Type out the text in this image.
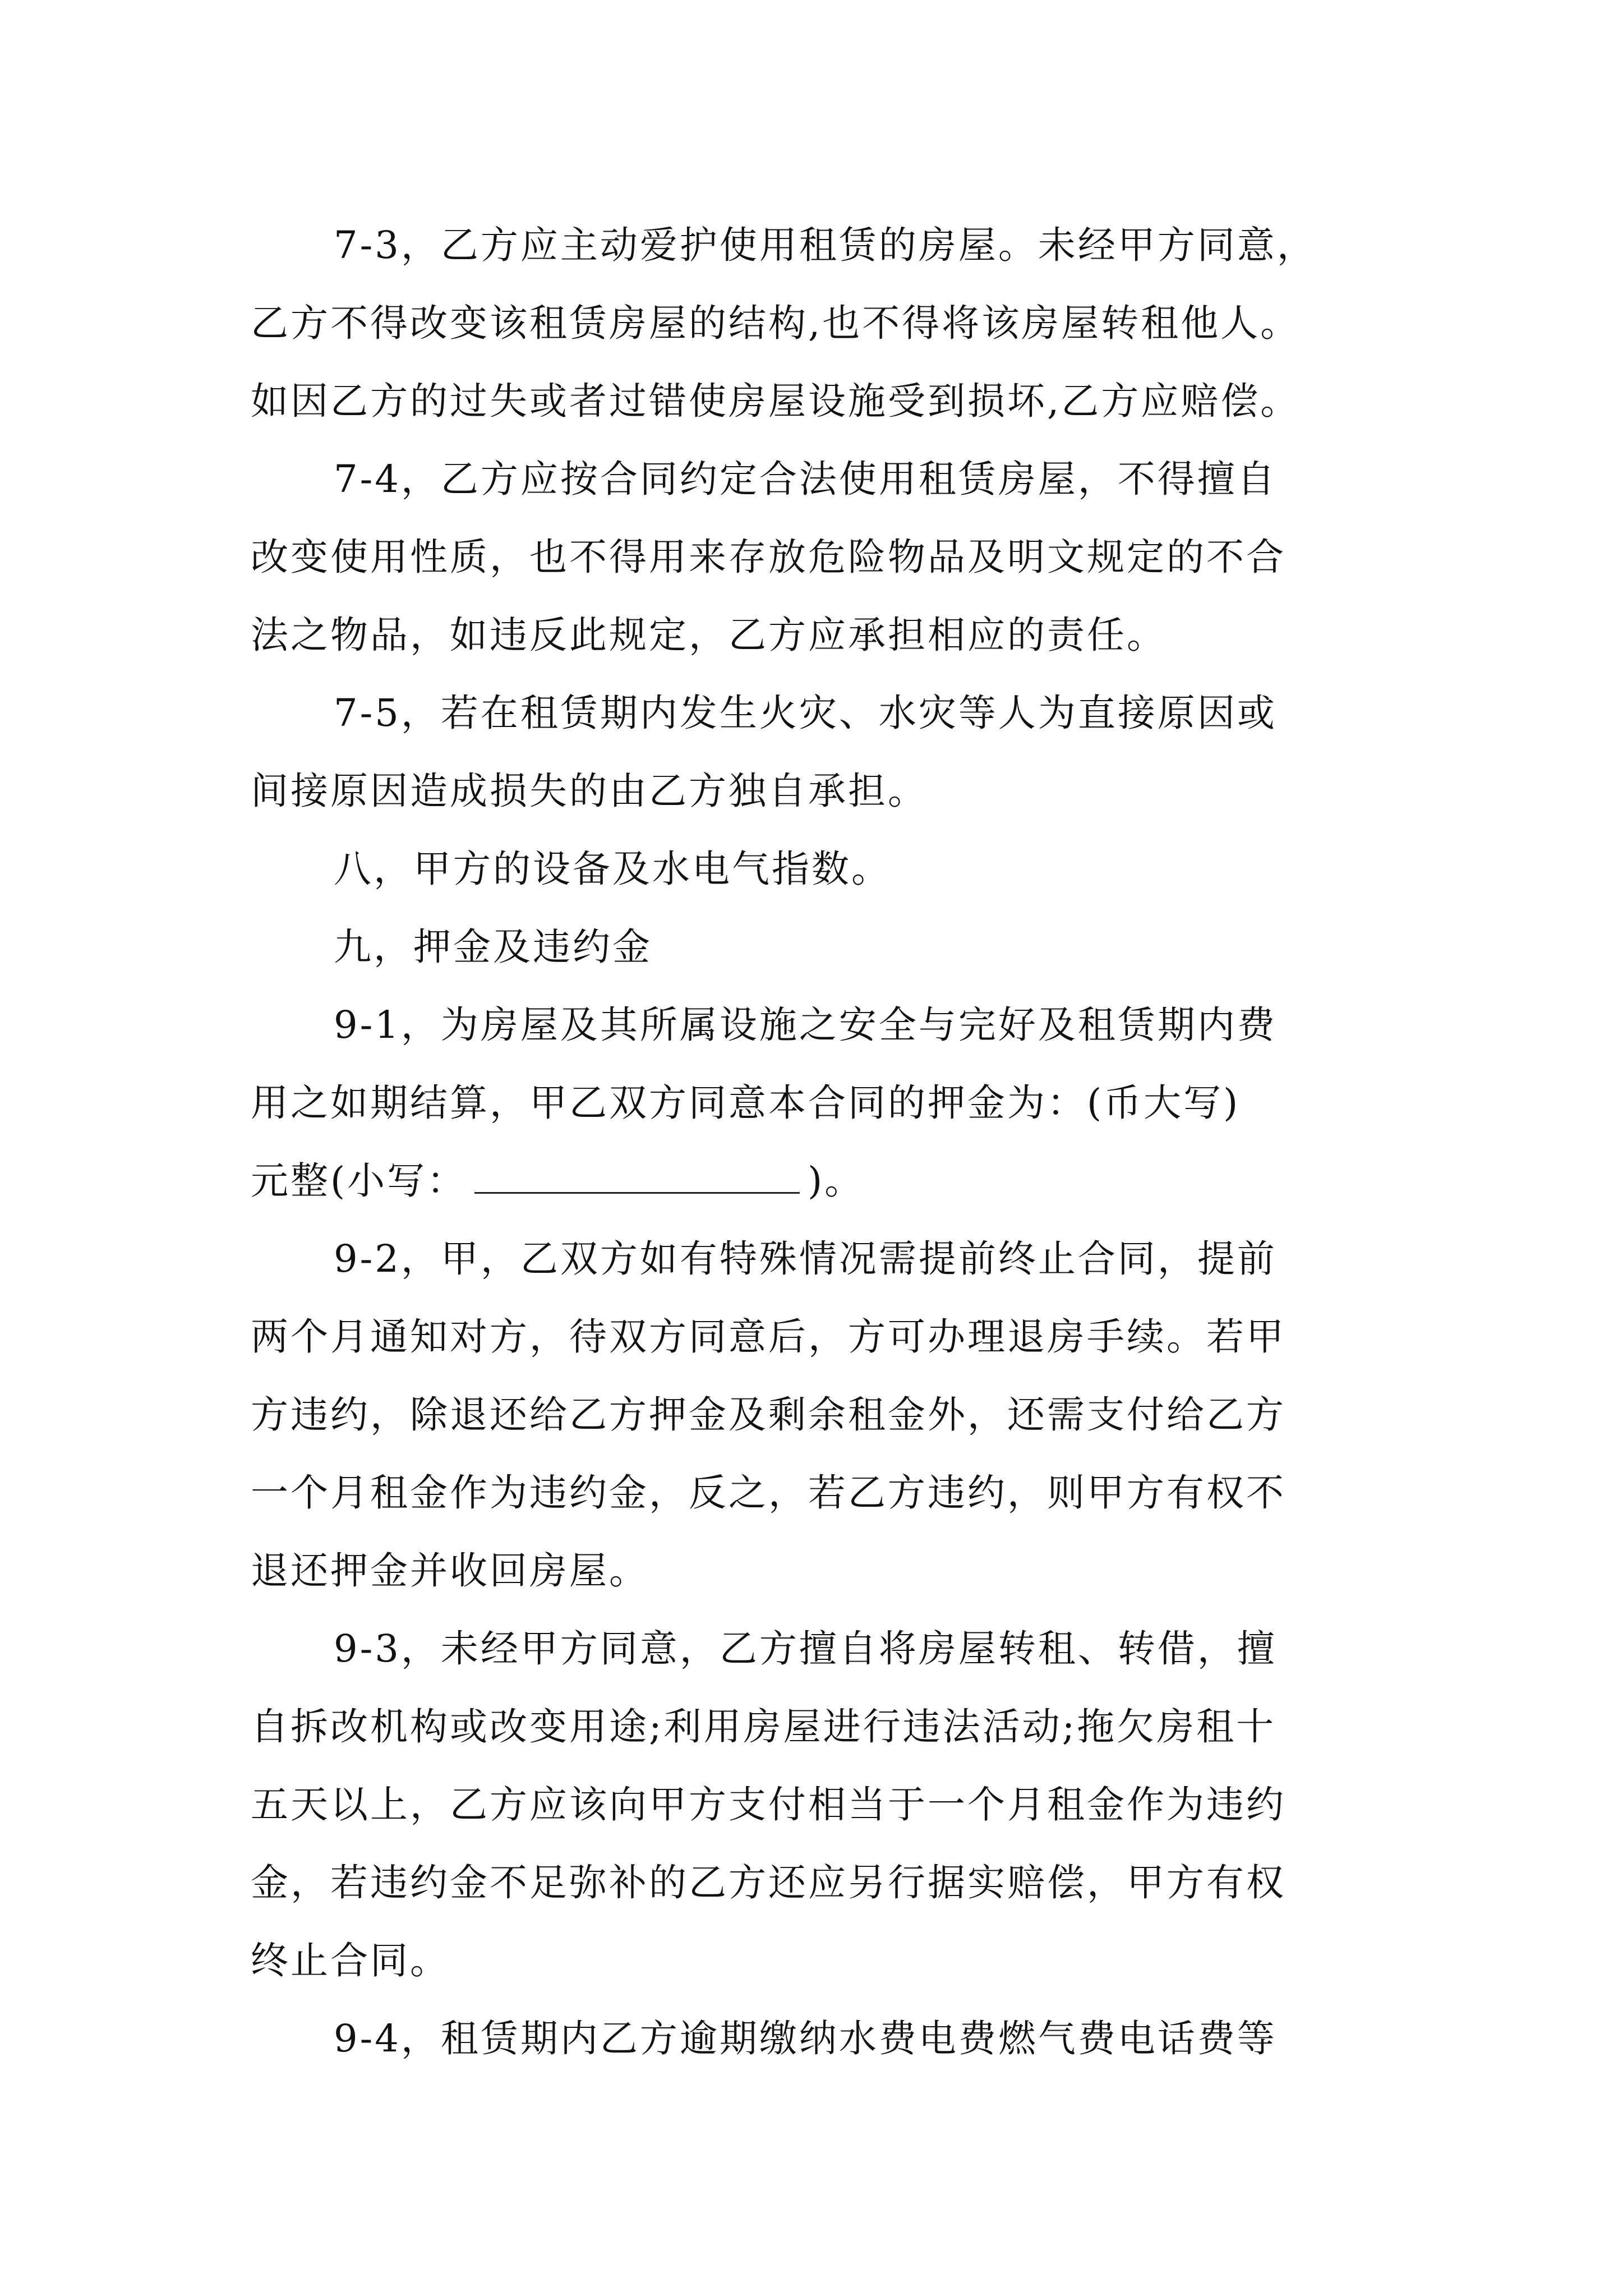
7-3，乙方应主动爱护使用租赁的房屋。未经甲方同意，
乙方不得改变该租赁房屋的结构,也不得将该房屋转租他人。
如因乙方的过失或者过错使房屋设施受到损坏,乙方应赔偿。
7-4，乙方应按合同约定合法使用租赁房屋，不得擅自
改变使用性质，也不得用来存放危险物品及明文规定的不合
法之物品，如违反此规定，乙方应承担相应的责任。
7-5，若在租赁期内发生火灾、水灾等人为直接原因或
间接原因造成损失的由乙方独自承担。
八，甲方的设备及水电气指数。
九，押金及违约金
9-1，为房屋及其所属设施之安全与完好及租赁期内费
用之如期结算，甲乙双方同意本合同的押金为：(币大写)
元整(小写：	)。
9-2，甲，乙双方如有特殊情况需提前终止合同，提前
两个月通知对方，待双方同意后，方可办理退房手续。若甲
方违约，除退还给乙方押金及剩余租金外，还需支付给乙方
一个月租金作为违约金，反之，若乙方违约，则甲方有权不
退还押金并收回房屋。
9-3，未经甲方同意，乙方擅自将房屋转租、转借，擅
自拆改机构或改变用途;利用房屋进行违法活动;拖欠房租十
五天以上，乙方应该向甲方支付相当于一个月租金作为违约
金，若违约金不足弥补的乙方还应另行据实赔偿，甲方有权
终止合同。
9-4，租赁期内乙方逾期缴纳水费电费燃气费电话费等
